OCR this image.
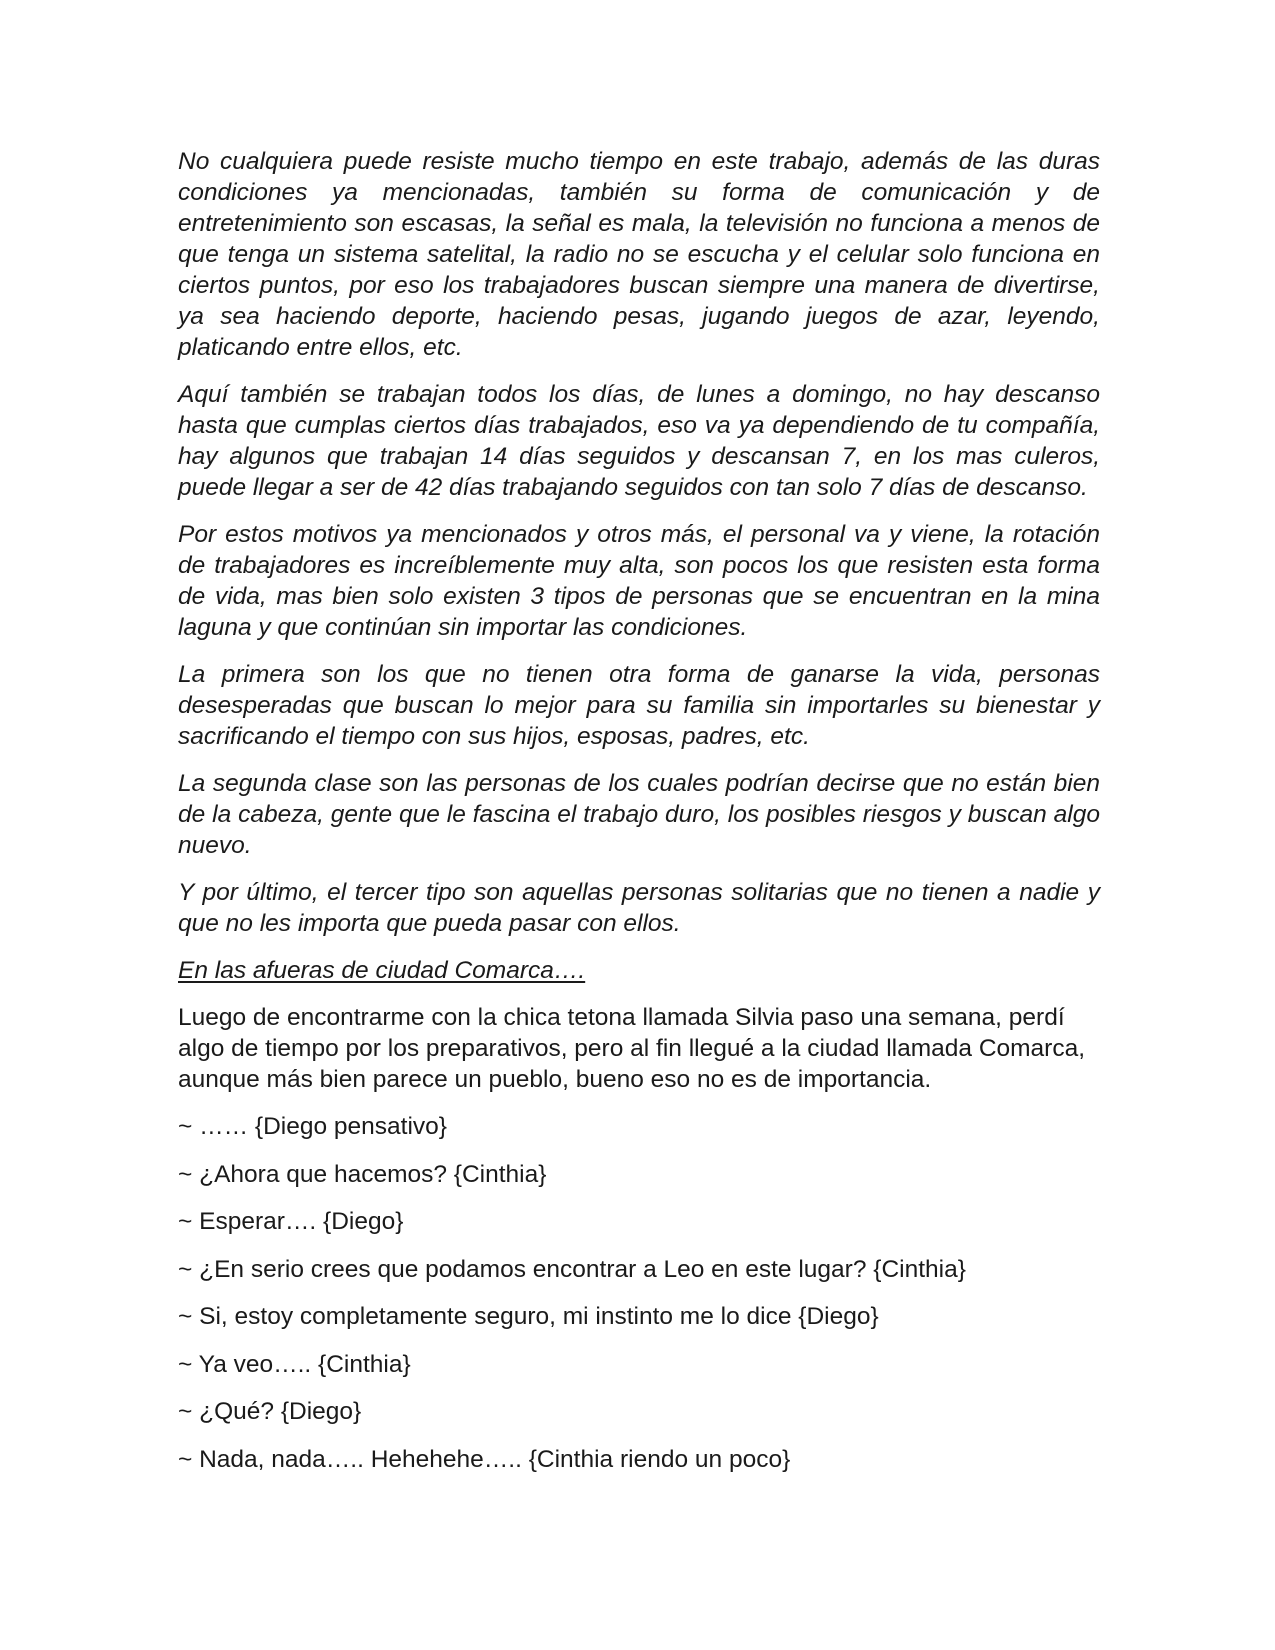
No cualquiera puede resiste mucho tiempo en este trabajo, además de las duras condiciones ya mencionadas, también su forma de comunicación y de entretenimiento son escasas, la señal es mala, la televisión no funciona a menos de que tenga un sistema satelital, la radio no se escucha y el celular solo funciona en ciertos puntos, por eso los trabajadores buscan siempre una manera de divertirse, ya sea haciendo deporte, haciendo pesas, jugando juegos de azar, leyendo, platicando entre ellos, etc.

Aquí también se trabajan todos los días, de lunes a domingo, no hay descanso hasta que cumplas ciertos días trabajados, eso va ya dependiendo de tu compañía, hay algunos que trabajan 14 días seguidos y descansan 7, en los mas culeros, puede llegar a ser de 42 días trabajando seguidos con tan solo 7 días de descanso.

Por estos motivos ya mencionados y otros más, el personal va y viene, la rotación de trabajadores es increíblemente muy alta, son pocos los que resisten esta forma de vida, mas bien solo existen 3 tipos de personas que se encuentran en la mina laguna y que continúan sin importar las condiciones.

La primera son los que no tienen otra forma de ganarse la vida, personas desesperadas que buscan lo mejor para su familia sin importarles su bienestar y sacrificando el tiempo con sus hijos, esposas, padres, etc.

La segunda clase son las personas de los cuales podrían decirse que no están bien de la cabeza, gente que le fascina el trabajo duro, los posibles riesgos y buscan algo nuevo.

Y por último, el tercer tipo son aquellas personas solitarias que no tienen a nadie y que no les importa que pueda pasar con ellos.

En las afueras de ciudad Comarca….

Luego de encontrarme con la chica tetona llamada Silvia paso una semana, perdí algo de tiempo por los preparativos, pero al fin llegué a la ciudad llamada Comarca, aunque más bien parece un pueblo, bueno eso no es de importancia.

~ …… {Diego pensativo}

~ ¿Ahora que hacemos? {Cinthia}

~ Esperar…. {Diego}

~ ¿En serio crees que podamos encontrar a Leo en este lugar? {Cinthia}

~ Si, estoy completamente seguro, mi instinto me lo dice {Diego}

~ Ya veo….. {Cinthia}

~ ¿Qué? {Diego}

~ Nada, nada….. Hehehehe….. {Cinthia riendo un poco}
